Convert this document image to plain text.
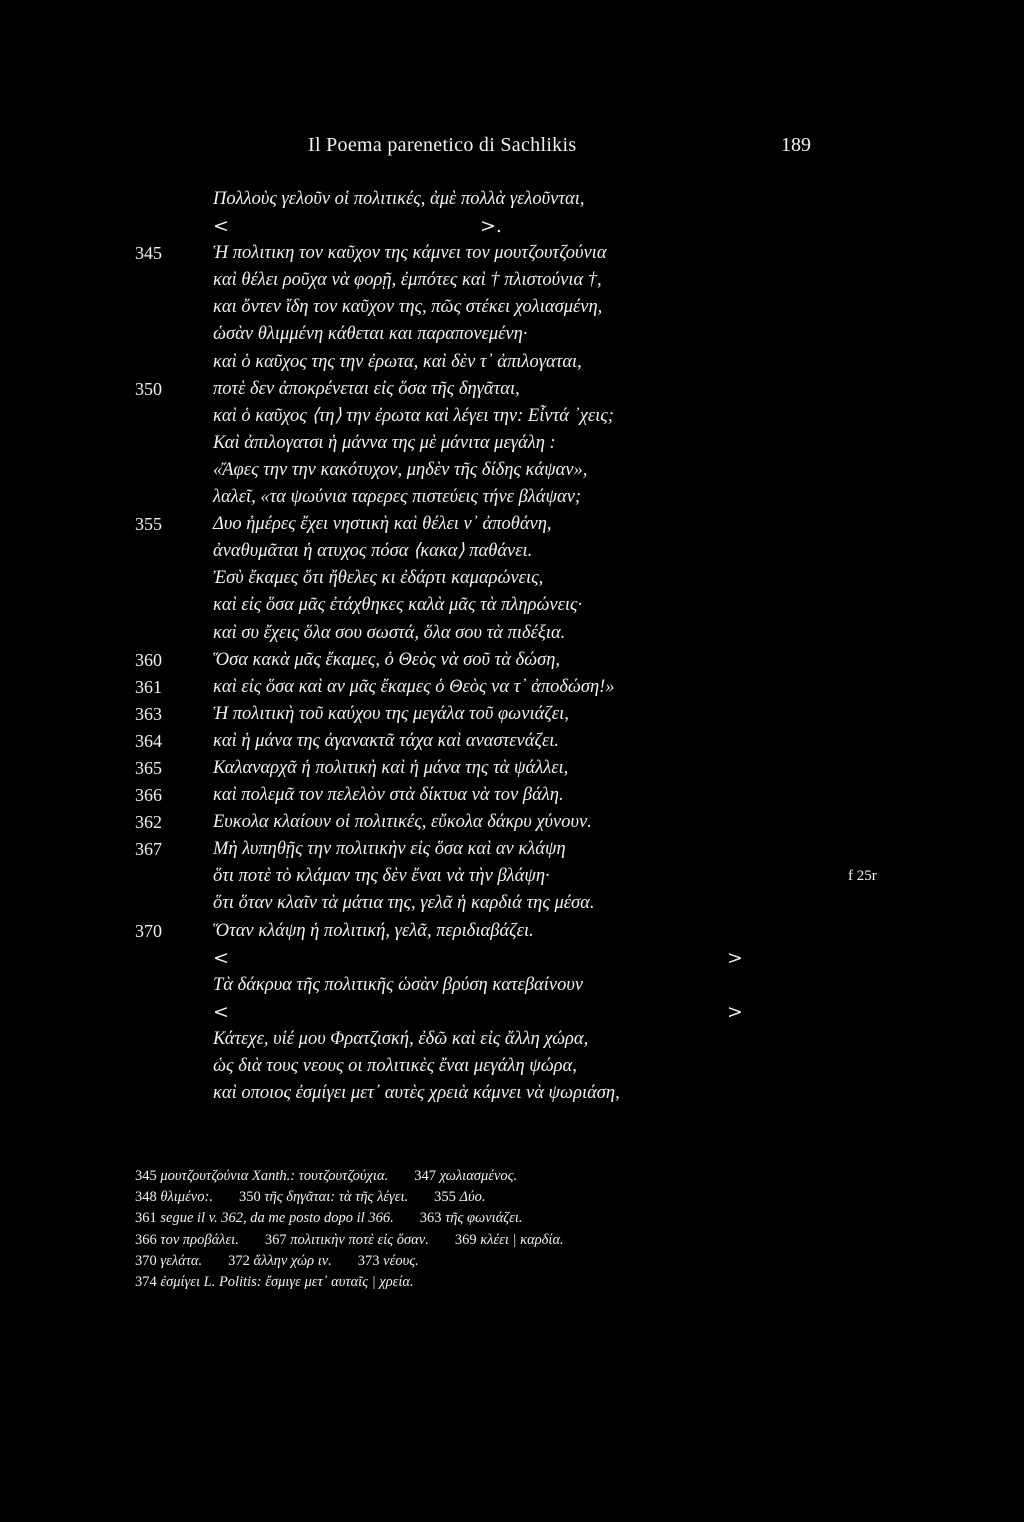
Il Poema parenetico di Sachlikis	189
Πολλοὺς γελοῦν οἱ πολιτικές, ἀμὲ πολλὰ γελοῦνται,
<	>.
345	Ἡ πολιτικη τον καῦχον της κάμνει τον μουτζουτζούνια
καὶ θέλει ροῦχα νὰ φορῇ, ἐμπότες καὶ † πλιστούνια †,
και ὄντεν ἴδη τον καῦχον της, πῶς στέκει χολιασμένη,
ὡσὰν θλιμμένη κάθεται και παραπονεμένη·
καὶ ὁ καῦχος της την ἐρωτα, καὶ δὲν τ᾽ ἀπιλογαται,
350	ποτὲ δεν ἀποκρένεται εἰς ὅσα τῆς δηγᾶται,
καὶ ὁ καῦχος ⟨τη⟩ την ἐρωτα καὶ λέγει την: Εἶντά ᾽χεις;
Καὶ ἀπιλογατσι ἡ μάννα της μὲ μάνιτα μεγάλη :
«Ἄφες την την κακότυχον, μηδὲν τῆς δίδης κάψαν»,
λαλεῖ, «τα ψωύνια ταρερες πιστεύεις τήνε βλάψαν;
355	Δυο ἡμέρες ἔχει νηστικὴ καὶ θέλει ν᾽ ἀποθάνη,
ἀναθυμᾶται ἡ ατυχος πόσα ⟨κακα⟩ παθάνει.
Ἐσὺ ἔκαμες ὅτι ἤθελες κι ἐδάρτι καμαρώνεις,
καὶ εἰς ὅσα μᾶς ἐτάχθηκες καλὰ μᾶς τὰ πληρώνεις·
καὶ συ ἔχεις ὅλα σου σωστά, ὅλα σου τὰ πιδέξια.
360	Ὅσα κακὰ μᾶς ἔκαμες, ὁ Θεὸς νὰ σοῦ τὰ δώση,
361	καὶ εἰς ὅσα καὶ αν μᾶς ἔκαμες ὁ Θεὸς να τ᾽ ἀποδώση!»
363	Ἡ πολιτικὴ τοῦ καύχου της μεγάλα τοῦ φωνιάζει,
364	καὶ ἡ μάνα της ἀγανακτᾶ τάχα καὶ αναστενάζει.
365	Καλαναρχᾶ ἡ πολιτικὴ καὶ ἡ μάνα της τὰ ψάλλει,
366	καὶ πολεμᾶ τον πελελὸν στὰ δίκτυα νὰ τον βάλη.
362	Ευκολα κλαίουν οἱ πολιτικές, εὔκολα δάκρυ χύνουν.
367	Μὴ λυπηθῇς την πολιτικὴν εἰς ὅσα καὶ αν κλάψη
ὅτι ποτὲ τὸ κλάμαν της δὲν ἔναι νὰ τὴν βλάψη·	f 25r
ὅτι ὅταν κλαῖν τὰ μάτια της, γελᾶ ἡ καρδιά της μέσα.
370	Ὅταν κλάψη ἡ πολιτική, γελᾶ, περιδιαβάζει.
<	>
Τὰ δάκρυα τῆς πολιτικῆς ὡσὰν βρύση κατεβαίνουν
<	>
Κάτεχε, υἱέ μου Φρατζισκή, ἐδῶ καὶ εἰς ἄλλη χώρα,
ὡς διὰ τους νεους οι πολιτικὲς ἔναι μεγάλη ψώρα,
καὶ οποιος ἐσμίγει μετ᾽ αυτὲς χρειὰ κάμνει νὰ ψωριάση,
345 μουτζουτζούνια Xanth.: τουτζουτζούχια. 347 χωλιασμένος.
348 θλιμένο:. 350 τῆς δηγᾶται: τὰ τῆς λέγει. 355 Δύο.
361 segue il v. 362, da me posto dopo il 366. 363 τῆς φωνιάζει.
366 τον προβάλει. 367 πολιτικὴν ποτὲ εἰς ὅσαν. 369 κλέει | καρδία.
370 γελάτα. 372 ἄλλην χώρ ιν. 373 νέους.
374 ἐσμίγει L. Politis: ἔσμιγε μετ᾽ αυταῖς | χρεία.
